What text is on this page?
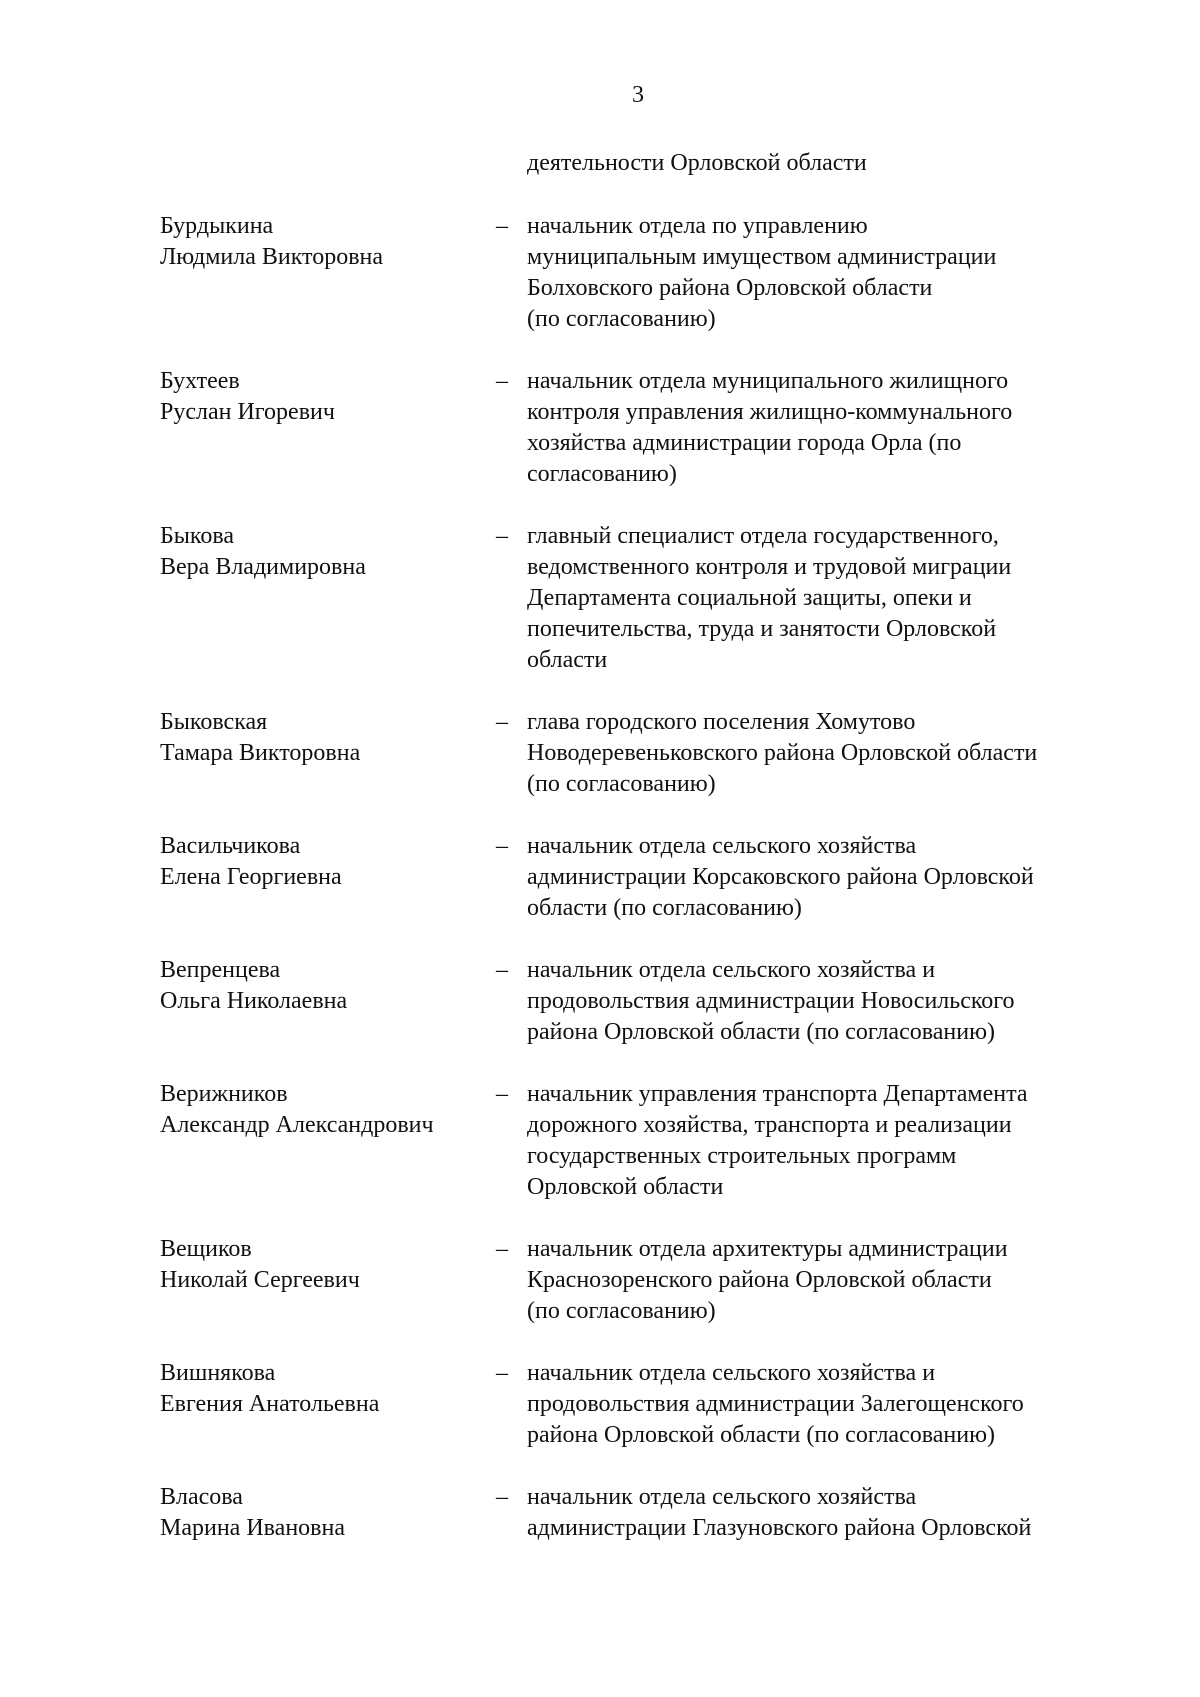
3
деятельности Орловской области
Бурдыкина
Людмила Викторовна
– начальник отдела по управлению
муниципальным имуществом администрации
Болховского района Орловской области
(по согласованию)
Бухтеев
Руслан Игоревич
– начальник отдела муниципального жилищного
контроля управления жилищно-коммунального
хозяйства администрации города Орла (по
согласованию)
Быкова
Вера Владимировна
– главный специалист отдела государственного,
ведомственного контроля и трудовой миграции
Департамента социальной защиты, опеки и
попечительства, труда и занятости Орловской
области
Быковская
Тамара Викторовна
– глава городского поселения Хомутово
Новодеревеньковского района Орловской области
(по согласованию)
Васильчикова
Елена Георгиевна
– начальник отдела сельского хозяйства
администрации Корсаковского района Орловской
области (по согласованию)
Вепренцева
Ольга Николаевна
– начальник отдела сельского хозяйства и
продовольствия администрации Новосильского
района Орловской области (по согласованию)
Верижников
Александр Александрович
– начальник управления транспорта Департамента
дорожного хозяйства, транспорта и реализации
государственных строительных программ
Орловской области
Вещиков
Николай Сергеевич
– начальник отдела архитектуры администрации
Краснозоренского района Орловской области
(по согласованию)
Вишнякова
Евгения Анатольевна
– начальник отдела сельского хозяйства и
продовольствия администрации Залегощенского
района Орловской области (по согласованию)
Власова
Марина Ивановна
– начальник отдела сельского хозяйства
администрации Глазуновского района Орловской
